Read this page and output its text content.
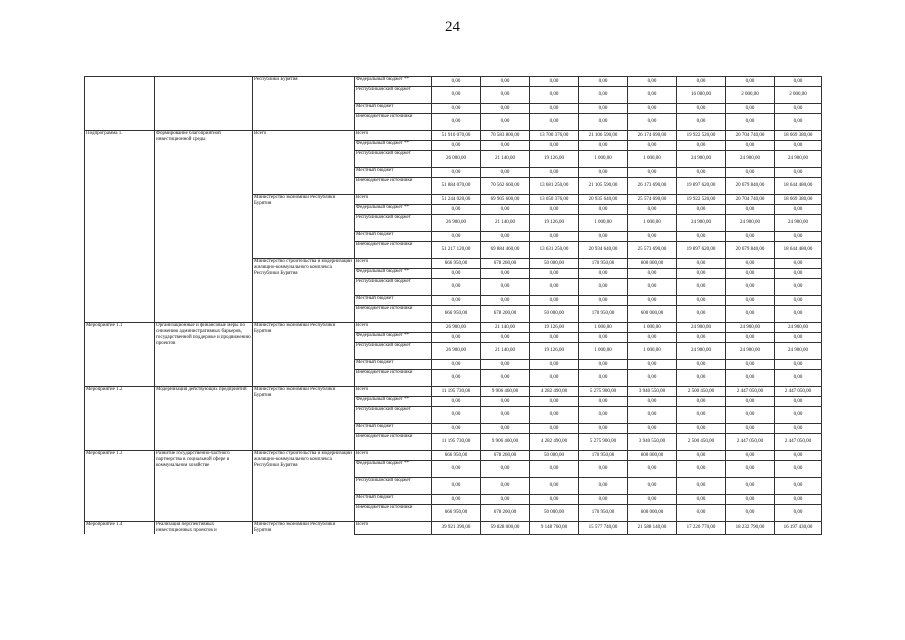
24
		Республики Бурятия	Федеральный бюджет **	0,00	0,00	0,00	0,00	0,00	0,00	0,00	0,00
			Республиканский бюджет	0,00	0,00	0,00	0,00	0,00	16 000,00	2 000,00	2 000,00
			Местный бюджет	0,00	0,00	0,00	0,00	0,00	0,00	0,00	0,00
			Внебюджетные источники	0,00	0,00	0,00	0,00	0,00	0,00	0,00	0,00
Подпрограмма 1.	Формирование благоприятной инвестиционной среды	Всего	Всего	51 910 070,00	70 583 800,00	13 700 376,00	21 106 590,00	26 174 690,00	19 922 520,00	20 704 740,00	18 669 380,00
			Федеральный бюджет **	0,00	0,00	0,00	0,00	0,00	0,00	0,00	0,00
			Республиканский бюджет	26 000,00	21 140,00	19 126,00	1 000,00	1 000,00	24 900,00	24 900,00	24 900,00
			Местный бюджет	0,00	0,00	0,00	0,00	0,00	0,00	0,00	0,00
			Внебюджетные источники	51 884 070,00	70 562 660,00	13 681 250,00	21 105 590,00	26 173 690,00	19 897 620,00	20 679 840,00	18 644 480,00
		Министерство экономики Республики Бурятия	Всего	51 244 020,00	69 905 600,00	13 650 376,00	20 935 640,00	25 574 690,00	19 922 520,00	20 704 740,00	18 669 380,00
			Федеральный бюджет **	0,00	0,00	0,00	0,00	0,00	0,00	0,00	0,00
			Республиканский бюджет	26 900,00	21 140,00	19 126,00	1 000,00	1 000,00	24 900,00	24 900,00	24 900,00
			Местный бюджет	0,00	0,00	0,00	0,00	0,00	0,00	0,00	0,00
			Внебюджетные источники	51 217 120,00	69 884 460,00	13 631 250,00	20 934 640,00	25 573 690,00	19 897 620,00	20 679 840,00	18 644 480,00
		Министерство строительства и модернизации жилищно-коммунального комплекса Республики Бурятия	Всего	666 950,00	678 200,00	50 000,00	170 950,00	600 000,00	0,00	0,00	0,00
			Федеральный бюджет **	0,00	0,00	0,00	0,00	0,00	0,00	0,00	0,00
			Республиканский бюджет	0,00	0,00	0,00	0,00	0,00	0,00	0,00	0,00
			Местный бюджет	0,00	0,00	0,00	0,00	0,00	0,00	0,00	0,00
			Внебюджетные источники	666 950,00	678 200,00	50 000,00	170 950,00	600 000,00	0,00	0,00	0,00
Мероприятие 1.1	Организационные и финансовые меры по снижению административных барьеров, государственной поддержке и продвижению проектов	Министерство экономики Республики Бурятия	Всего	26 900,00	21 140,00	19 126,00	1 000,00	1 000,00	24 900,00	24 900,00	24 900,00
			Федеральный бюджет **	0,00	0,00	0,00	0,00	0,00	0,00	0,00	0,00
			Республиканский бюджет	26 900,00	21 140,00	19 126,00	1 000,00	1 000,00	24 900,00	24 900,00	24 900,00
			Местный бюджет	0,00	0,00	0,00	0,00	0,00	0,00	0,00	0,00
			Внебюджетные источники	0,00	0,00	0,00	0,00	0,00	0,00	0,00	0,00
Мероприятие 1.2	Модернизация действующих предприятий	Министерство экономики Республики Бурятия	Всего	11 195 730,00	9 906 460,00	4 282 490,00	5 275 900,00	3 940 550,00	2 500 450,00	2 447 050,00	2 447 050,00
			Федеральный бюджет **	0,00	0,00	0,00	0,00	0,00	0,00	0,00	0,00
			Республиканский бюджет	0,00	0,00	0,00	0,00	0,00	0,00	0,00	0,00
			Местный бюджет	0,00	0,00	0,00	0,00	0,00	0,00	0,00	0,00
			Внебюджетные источники	11 195 730,00	9 906 460,00	4 282 490,00	5 275 900,00	3 940 550,00	2 500 450,00	2 447 050,00	2 447 050,00
Мероприятие 1.3	Развитие государственно-частного партнерства в социальной сфере и коммунальном хозяйстве	Министерство строительства и модернизации жилищно-коммунального комплекса Республики Бурятия	Всего	666 950,00	678 200,00	50 000,00	170 950,00	600 000,00	0,00	0,00	0,00
			Федеральный бюджет **	0,00	0,00	0,00	0,00	0,00	0,00	0,00	0,00
			Республиканский бюджет	0,00	0,00	0,00	0,00	0,00	0,00	0,00	0,00
			Местный бюджет	0,00	0,00	0,00	0,00	0,00	0,00	0,00	0,00
			Внебюджетные источники	666 950,00	678 200,00	50 000,00	170 950,00	600 000,00	0,00	0,00	0,00
Мероприятие 1.4	Реализация перспективных инвестиционных проектов и	Министерство экономики Республики Бурятия	Всего	39 921 390,00	59 828 000,00	9 148 760,00	15 577 740,00	21 588 140,00	17 220 770,00	18 232 790,00	16 197 430,00
